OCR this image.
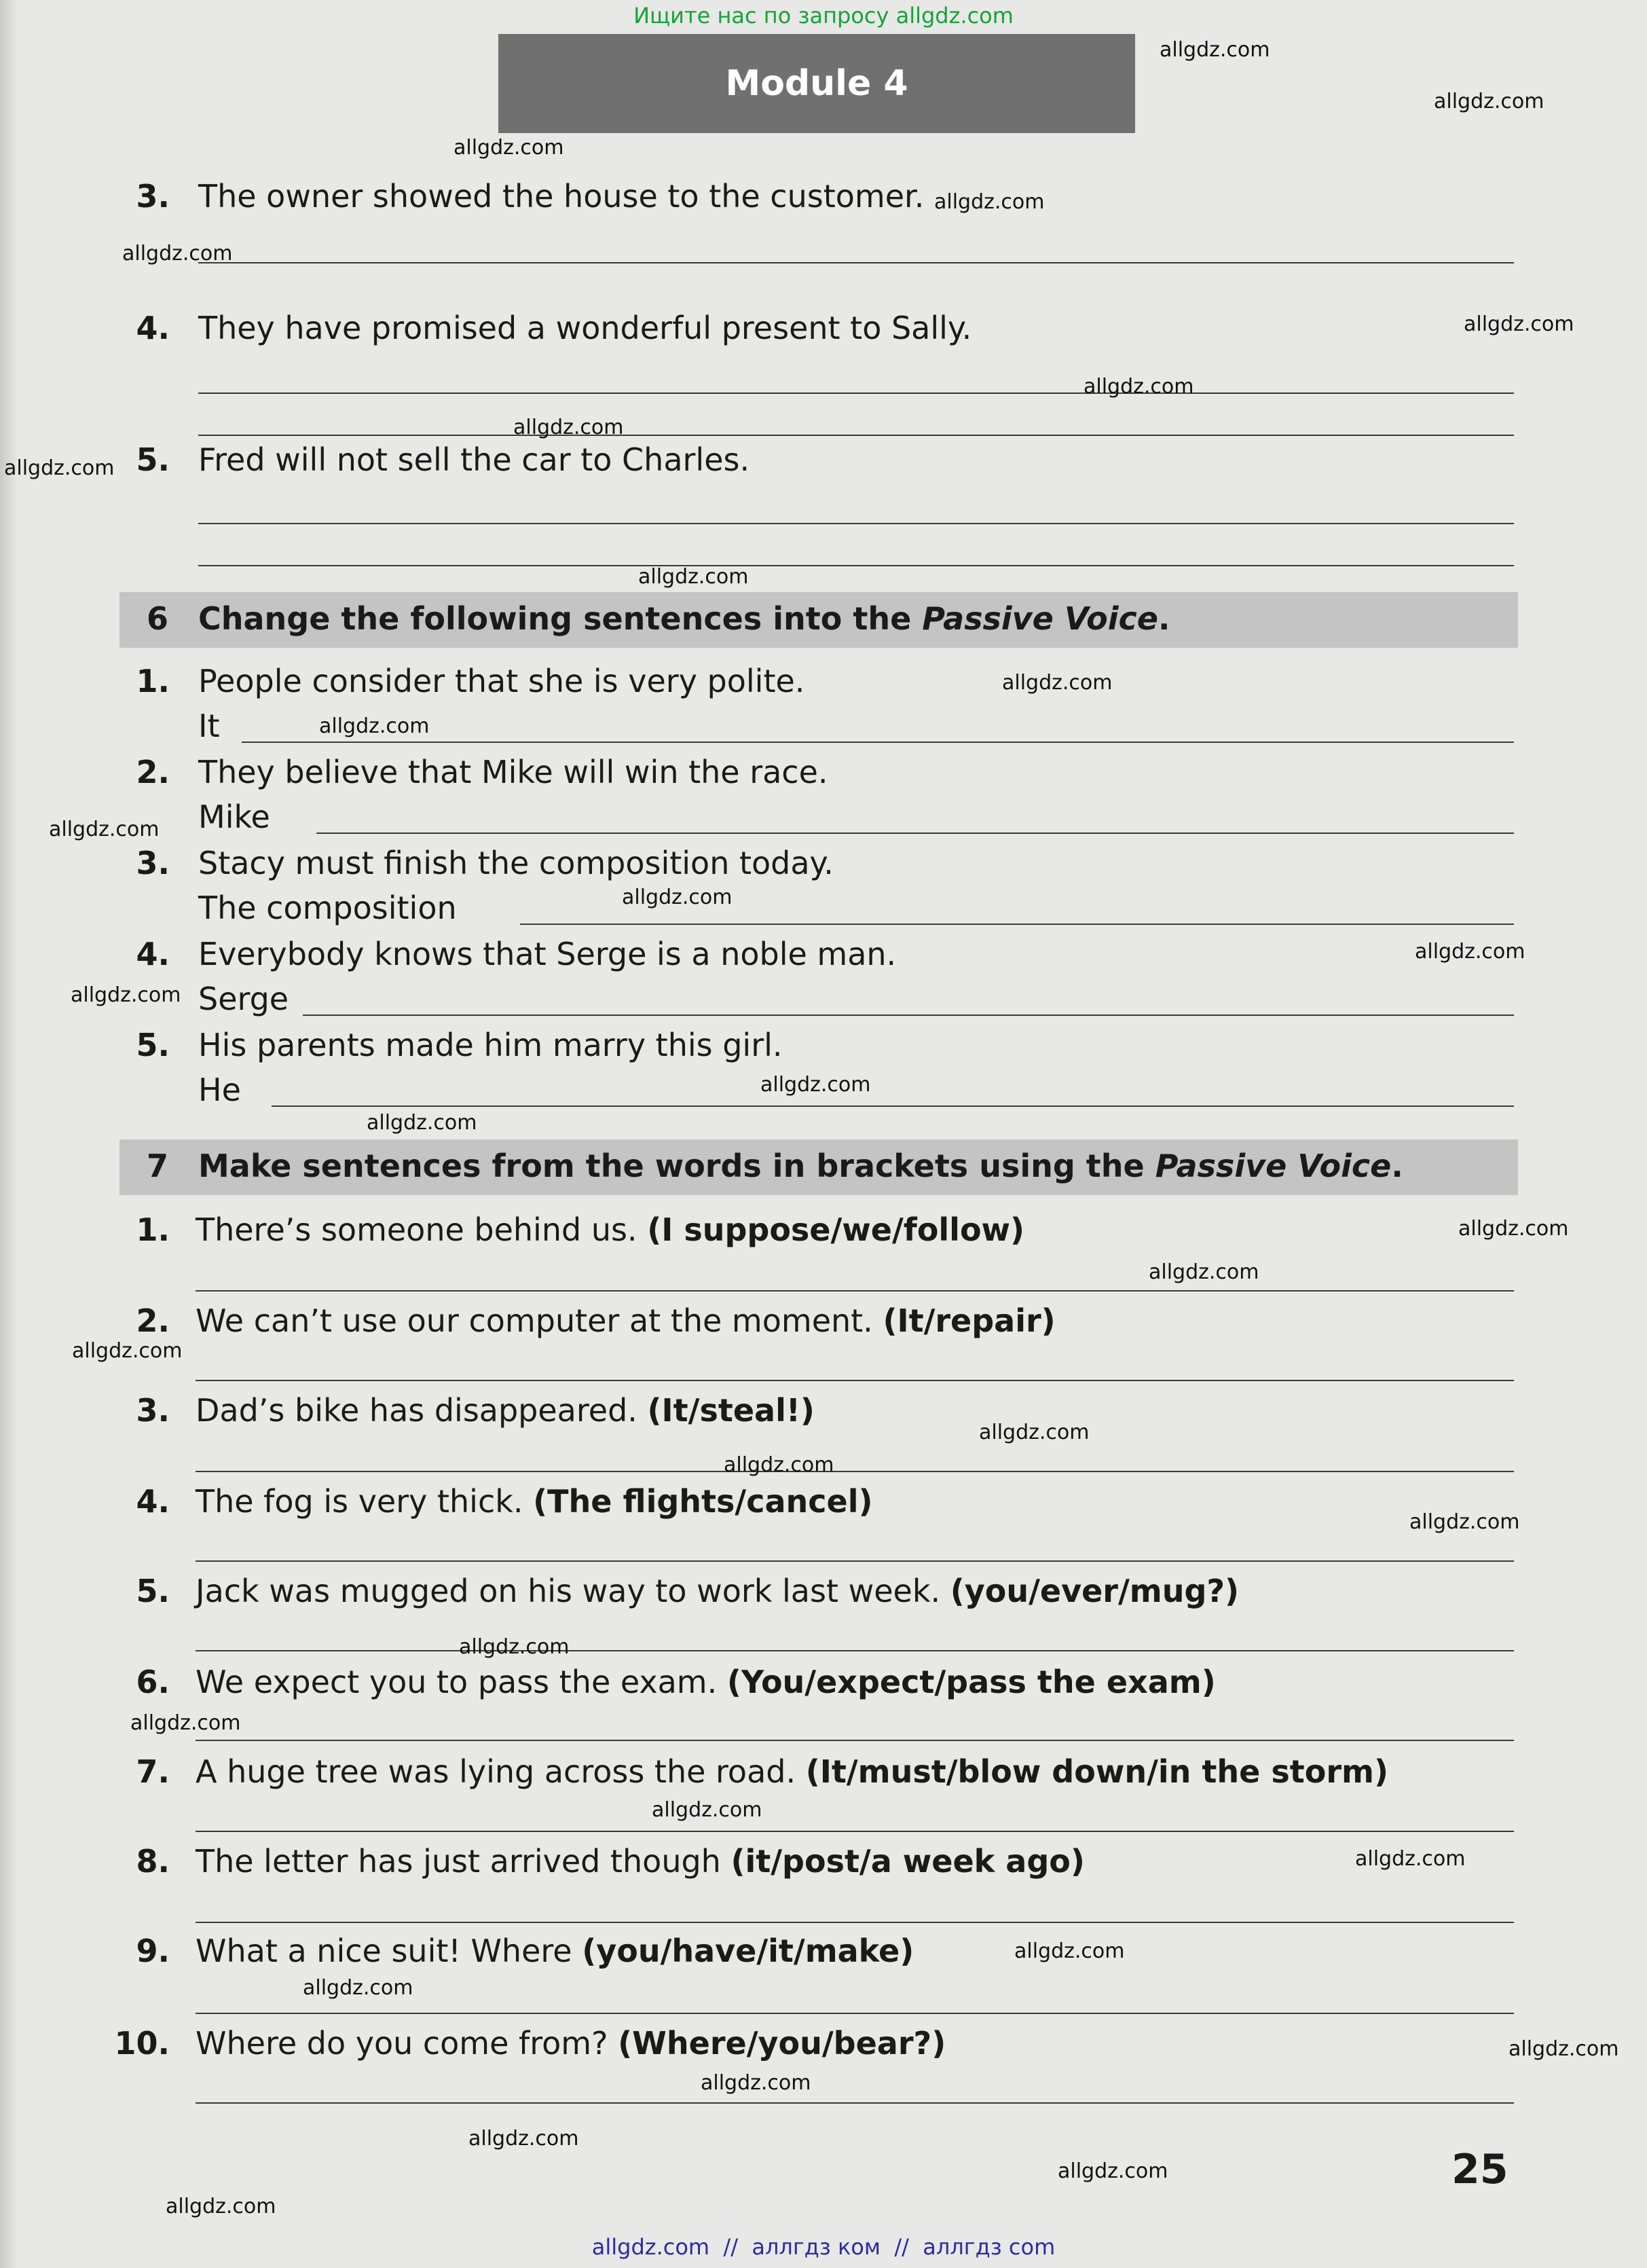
Ищите нас по запросу allgdz.com
Module 4
3. The owner showed the house to the customer.
4. They have promised a wonderful present to Sally.
5. Fred will not sell the car to Charles.
6 Change the following sentences into the Passive Voice.
1. People consider that she is very polite.
It
2. They believe that Mike will win the race.
Mike
3. Stacy must finish the composition today.
The composition
4. Everybody knows that Serge is a noble man.
Serge
5. His parents made him marry this girl.
He
7 Make sentences from the words in brackets using the Passive Voice.
1. There’s someone behind us. (I suppose/we/follow)
2. We can’t use our computer at the moment. (It/repair)
3. Dad’s bike has disappeared. (It/steal!)
4. The fog is very thick. (The flights/cancel)
5. Jack was mugged on his way to work last week. (you/ever/mug?)
6. We expect you to pass the exam. (You/expect/pass the exam)
7. A huge tree was lying across the road. (It/must/blow down/in the storm)
8. The letter has just arrived though (it/post/a week ago)
9. What a nice suit! Where (you/have/it/make)
10. Where do you come from? (Where/you/bear?)
allgdz.com
allgdz.com
allgdz.com
allgdz.com
allgdz.com
allgdz.com
allgdz.com
allgdz.com
allgdz.com
allgdz.com
allgdz.com
allgdz.com
allgdz.com
allgdz.com
allgdz.com
allgdz.com
allgdz.com
allgdz.com
allgdz.com
allgdz.com
allgdz.com
allgdz.com
allgdz.com
allgdz.com
allgdz.com
allgdz.com
allgdz.com
allgdz.com
allgdz.com
allgdz.com
allgdz.com
allgdz.com
allgdz.com
allgdz.com
allgdz.com
25
allgdz.com // аллгдз ком // аллгдз com
